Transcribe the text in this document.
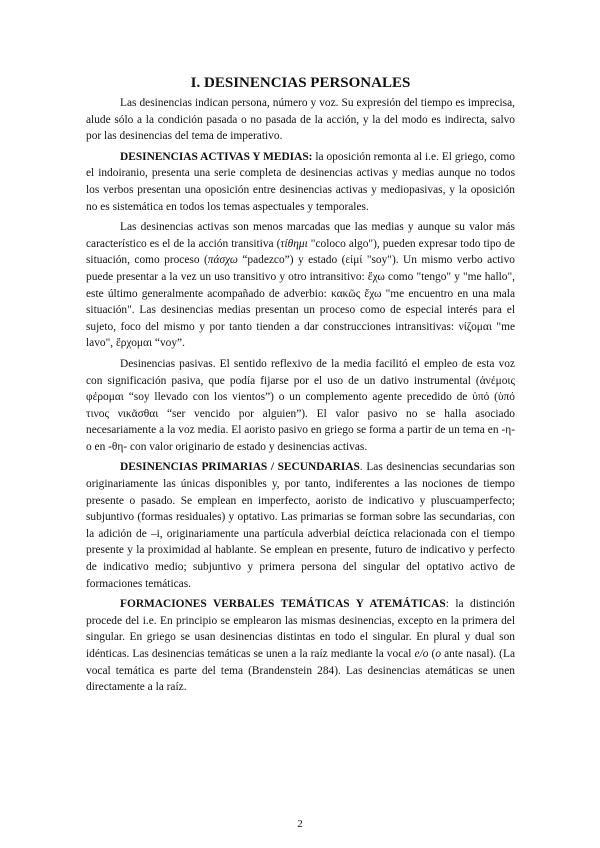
I. DESINENCIAS PERSONALES

Las desinencias indican persona, número y voz. Su expresión del tiempo es imprecisa, alude sólo a la condición pasada o no pasada de la acción, y la del modo es indirecta, salvo por las desinencias del tema de imperativo.

DESINENCIAS ACTIVAS Y MEDIAS: la oposición remonta al i.e. El griego, como el indoiranio, presenta una serie completa de desinencias activas y medias aunque no todos los verbos presentan una oposición entre desinencias activas y mediopasivas, y la oposición no es sistemática en todos los temas aspectuales y temporales.

Las desinencias activas son menos marcadas que las medias y aunque su valor más característico es el de la acción transitiva (τίθημι "coloco algo"), pueden expresar todo tipo de situación, como proceso (πάσχω “padezco”) y estado (εἰμί "soy"). Un mismo verbo activo puede presentar a la vez un uso transitivo y otro intransitivo: ἔχω como "tengo" y "me hallo", este último generalmente acompañado de adverbio: κακῶς ἔχω "me encuentro en una mala situación". Las desinencias medias presentan un proceso como de especial interés para el sujeto, foco del mismo y por tanto tienden a dar construcciones intransitivas: νίζομαι "me lavo", ἔρχομαι “voy”.

Desinencias pasivas. El sentido reflexivo de la media facilitó el empleo de esta voz con significación pasiva, que podía fijarse por el uso de un dativo instrumental (ἀνέμοις φέρομαι “soy llevado con los vientos”) o un complemento agente precedido de ὑπό (ὑπό τινος νικᾶσθαι “ser vencido por alguien”). El valor pasivo no se halla asociado necesariamente a la voz media. El aoristo pasivo en griego se forma a partir de un tema en -η- o en -θη- con valor originario de estado y desinencias activas.

DESINENCIAS PRIMARIAS / SECUNDARIAS. Las desinencias secundarias son originariamente las únicas disponibles y, por tanto, indiferentes a las nociones de tiempo presente o pasado. Se emplean en imperfecto, aoristo de indicativo y pluscuamperfecto; subjuntivo (formas residuales) y optativo. Las primarias se forman sobre las secundarias, con la adición de –i, originariamente una partícula adverbial deíctica relacionada con el tiempo presente y la proximidad al hablante. Se emplean en presente, futuro de indicativo y perfecto de indicativo medio; subjuntivo y primera persona del singular del optativo activo de formaciones temáticas.

FORMACIONES VERBALES TEMÁTICAS Y ATEMÁTICAS: la distinción procede del i.e. En principio se emplearon las mismas desinencias, excepto en la primera del singular. En griego se usan desinencias distintas en todo el singular. En plural y dual son idénticas. Las desinencias temáticas se unen a la raíz mediante la vocal e/o (o ante nasal). (La vocal temática es parte del tema (Brandenstein 284). Las desinencias atemáticas se unen directamente a la raíz.

2
